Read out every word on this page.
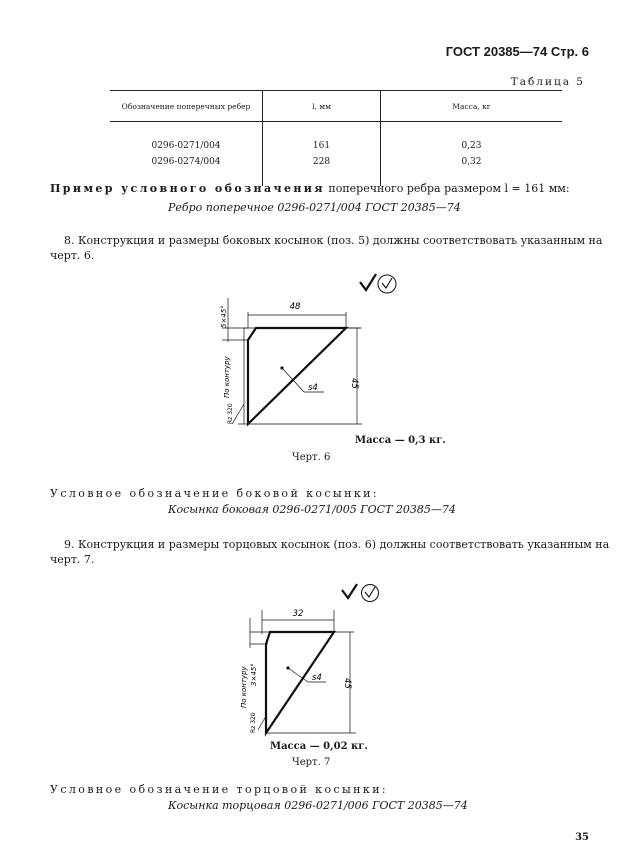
ГОСТ 20385—74 Стр. 6
Таблица 5
Обозначение поперечных ребер	l, мм	Масса, кг

0296-0271/004	161	0,23
0296-0274/004	228	0,32

Пример условного обозначения поперечного ребра размером l = 161 мм:
Ребро поперечное 0296-0271/004 ГОСТ 20385—74
8. Конструкция и размеры боковых косынок (поз. 5) должны соответствовать указанным на
черт. 6.
48
45
5×45°
По контуру
Rz 320
s4
Масса — 0,3 кг.
Черт. 6
Условное обозначение боковой косынки:
Косынка боковая 0296-0271/005 ГОСТ 20385—74
9. Конструкция и размеры торцовых косынок (поз. 6) должны соответствовать указанным на
черт. 7.
32
45
3×45°
По контуру
Rz 320
s4
Масса — 0,02 кг.
Черт. 7
Условное обозначение торцовой косынки:
Косынка торцовая 0296-0271/006 ГОСТ 20385—74
35
